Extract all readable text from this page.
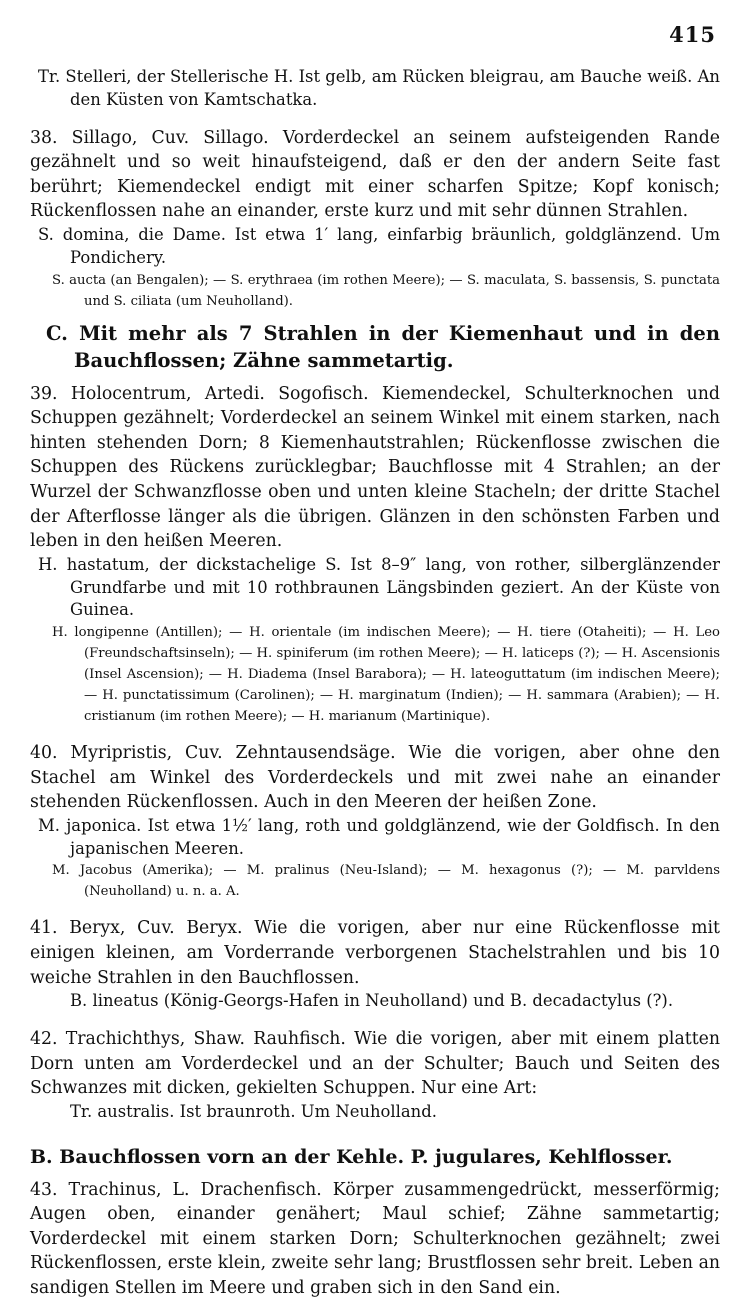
415

Tr. Stelleri, der Stellerische H. Ist gelb, am Rücken bleigrau, am Bauche weiß. An den Küsten von Kamtschatka.

38. Sillago, Cuv. Sillago. Vorderdeckel an seinem aufsteigenden Rande gezähnelt und so weit hinaufsteigend, daß er den der andern Seite fast berührt; Kiemendeckel endigt mit einer scharfen Spitze; Kopf konisch; Rückenflossen nahe an einander, erste kurz und mit sehr dünnen Strahlen.

S. domina, die Dame. Ist etwa 1′ lang, einfarbig bräunlich, goldglänzend. Um Pondichery.

S. aucta (an Bengalen); — S. erythraea (im rothen Meere); — S. maculata, S. bassensis, S. punctata und S. ciliata (um Neuholland).

C. Mit mehr als 7 Strahlen in der Kiemenhaut und in den Bauchflossen; Zähne sammetartig.

39. Holocentrum, Artedi. Sogofisch. Kiemendeckel, Schulterknochen und Schuppen gezähnelt; Vorderdeckel an seinem Winkel mit einem starken, nach hinten stehenden Dorn; 8 Kiemenhautstrahlen; Rückenflosse zwischen die Schuppen des Rückens zurücklegbar; Bauchflosse mit 4 Strahlen; an der Wurzel der Schwanzflosse oben und unten kleine Stacheln; der dritte Stachel der Afterflosse länger als die übrigen. Glänzen in den schönsten Farben und leben in den heißen Meeren.

H. hastatum, der dickstachelige S. Ist 8–9″ lang, von rother, silberglänzender Grundfarbe und mit 10 rothbraunen Längsbinden geziert. An der Küste von Guinea.

H. longipenne (Antillen); — H. orientale (im indischen Meere); — H. tiere (Otaheiti); — H. Leo (Freundschaftsinseln); — H. spiniferum (im rothen Meere); — H. laticeps (?); — H. Ascensionis (Insel Ascension); — H. Diadema (Insel Barabora); — H. lateoguttatum (im indischen Meere); — H. punctatissimum (Carolinen); — H. marginatum (Indien); — H. sammara (Arabien); — H. cristianum (im rothen Meere); — H. marianum (Martinique).

40. Myripristis, Cuv. Zehntausendsäge. Wie die vorigen, aber ohne den Stachel am Winkel des Vorderdeckels und mit zwei nahe an einander stehenden Rückenflossen. Auch in den Meeren der heißen Zone.

M. japonica. Ist etwa 1½′ lang, roth und goldglänzend, wie der Goldfisch. In den japanischen Meeren.

M. Jacobus (Amerika); — M. pralinus (Neu-Island); — M. hexagonus (?); — M. parvldens (Neuholland) u. n. a. A.

41. Beryx, Cuv. Beryx. Wie die vorigen, aber nur eine Rückenflosse mit einigen kleinen, am Vorderrande verborgenen Stachelstrahlen und bis 10 weiche Strahlen in den Bauchflossen.

B. lineatus (König-Georgs-Hafen in Neuholland) und B. decadactylus (?).

42. Trachichthys, Shaw. Rauhfisch. Wie die vorigen, aber mit einem platten Dorn unten am Vorderdeckel und an der Schulter; Bauch und Seiten des Schwanzes mit dicken, gekielten Schuppen. Nur eine Art:

Tr. australis. Ist braunroth. Um Neuholland.

B. Bauchflossen vorn an der Kehle. P. jugulares, Kehlflosser.

43. Trachinus, L. Drachenfisch. Körper zusammengedrückt, messerförmig; Augen oben, einander genähert; Maul schief; Zähne sammetartig; Vorderdeckel mit einem starken Dorn; Schulterknochen gezähnelt; zwei Rückenflossen, erste klein, zweite sehr lang; Brustflossen sehr breit. Leben an sandigen Stellen im Meere und graben sich in den Sand ein.
